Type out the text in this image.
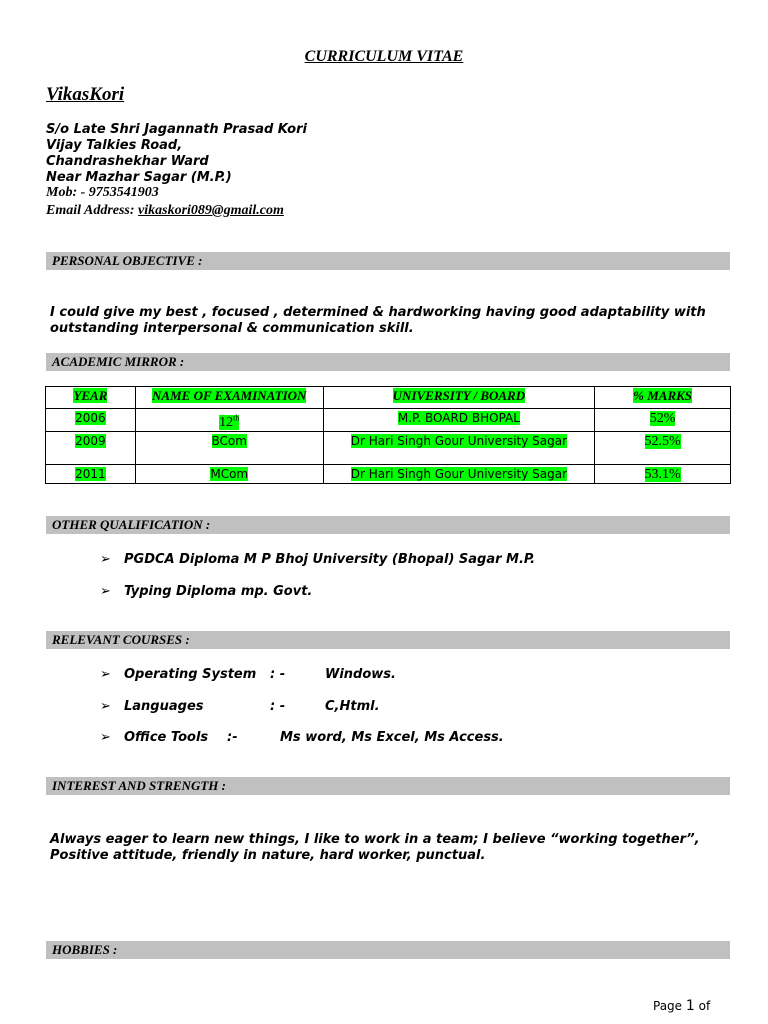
CURRICULUM VITAE
VikasKori
S/o Late Shri Jagannath Prasad Kori
Vijay Talkies Road,
Chandrashekhar Ward
Near Mazhar Sagar (M.P.)
Mob: - 9753541903
Email Address: vikaskori089@gmail.com
PERSONAL OBJECTIVE :
I could give my best , focused , determined & hardworking having good adaptability with
outstanding interpersonal & communication skill.
ACADEMIC MIRROR :
YEAR	NAME OF EXAMINATION	UNIVERSITY / BOARD	% MARKS
2006	12th	M.P. BOARD BHOPAL	52%
2009	BCom	Dr Hari Singh Gour University Sagar	52.5%
2011	MCom	Dr Hari Singh Gour University Sagar	53.1%
OTHER QUALIFICATION :
➢ PGDCA Diploma M P Bhoj University (Bhopal) Sagar M.P.
➢ Typing Diploma mp. Govt.
RELEVANT COURSES :
➢ Operating System : -	Windows.
➢ Languages	: -	C,Html.
➢ Office Tools :-	Ms word, Ms Excel, Ms Access.
INTEREST AND STRENGTH :
Always eager to learn new things, I like to work in a team; I believe “working together”,
Positive attitude, friendly in nature, hard worker, punctual.
HOBBIES :
Page 1 of
